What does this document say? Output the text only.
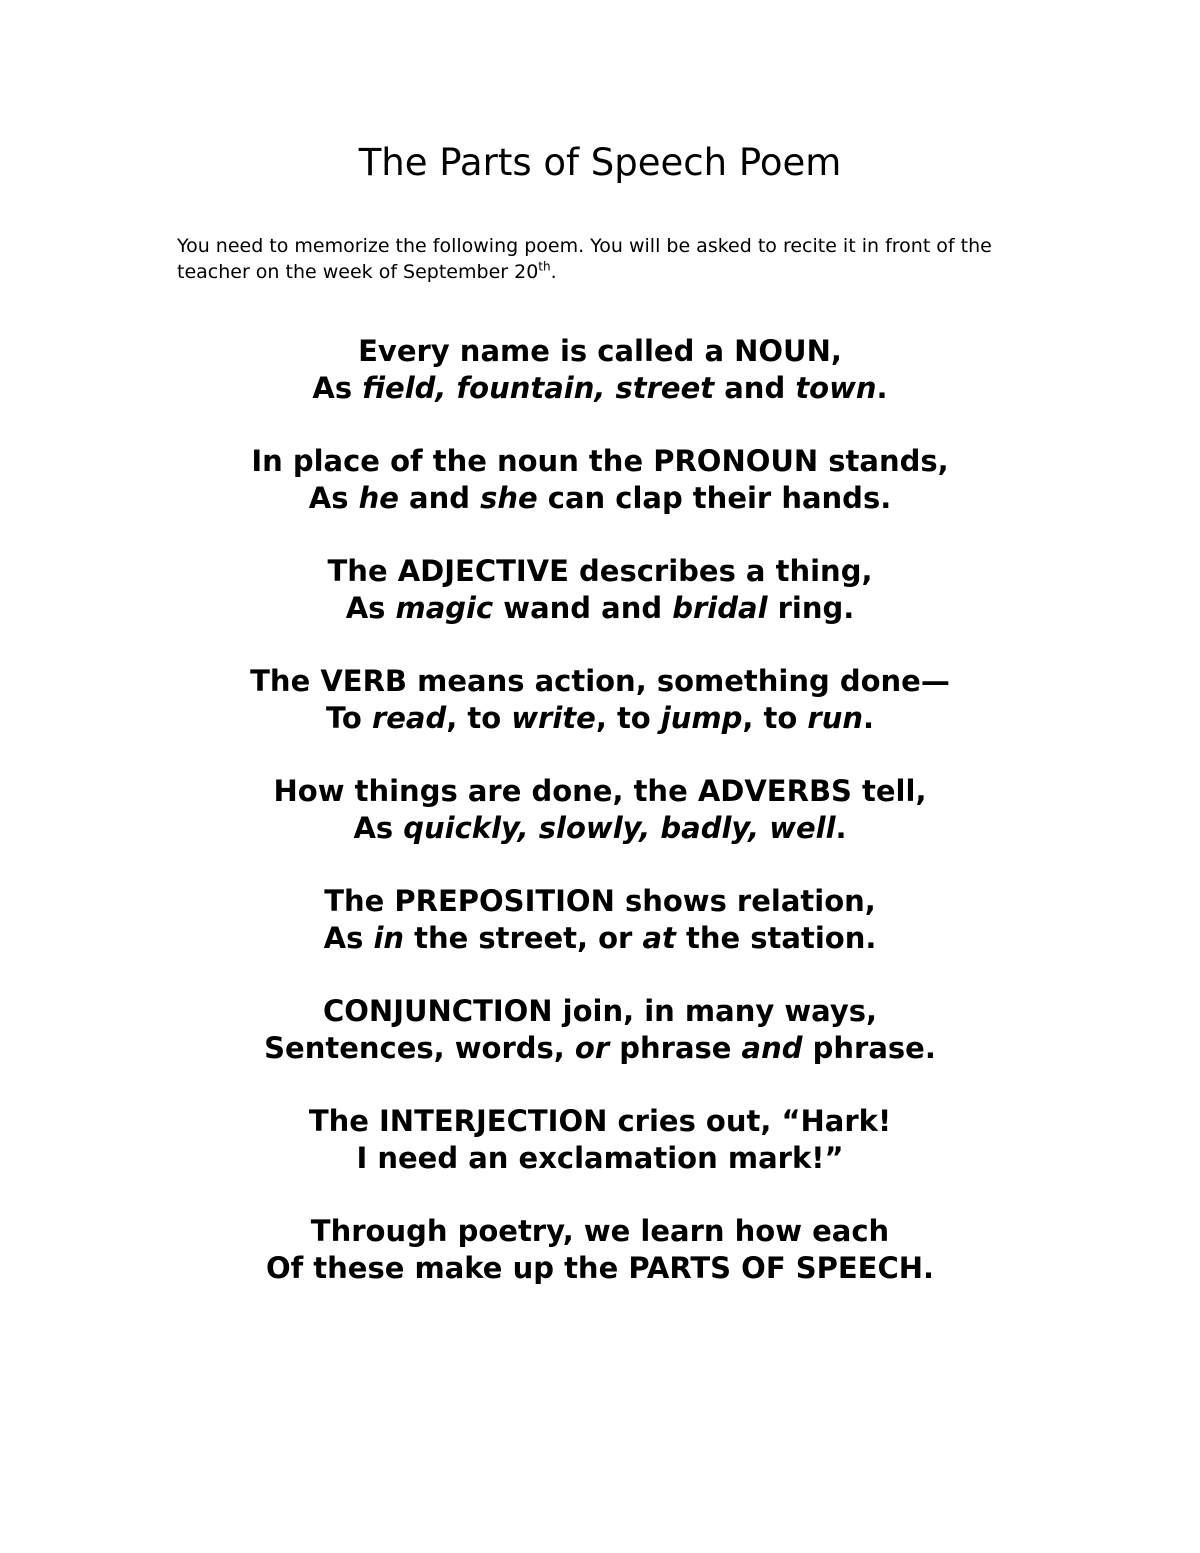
The Parts of Speech Poem

You need to memorize the following poem. You will be asked to recite it in front of the teacher on the week of September 20th.

Every name is called a NOUN,
As field, fountain, street and town.
In place of the noun the PRONOUN stands,
As he and she can clap their hands.
The ADJECTIVE describes a thing,
As magic wand and bridal ring.
The VERB means action, something done—
To read, to write, to jump, to run.
How things are done, the ADVERBS tell,
As quickly, slowly, badly, well.
The PREPOSITION shows relation,
As in the street, or at the station.
CONJUNCTION join, in many ways,
Sentences, words, or phrase and phrase.
The INTERJECTION cries out, “Hark!
I need an exclamation mark!”
Through poetry, we learn how each
Of these make up the PARTS OF SPEECH.
